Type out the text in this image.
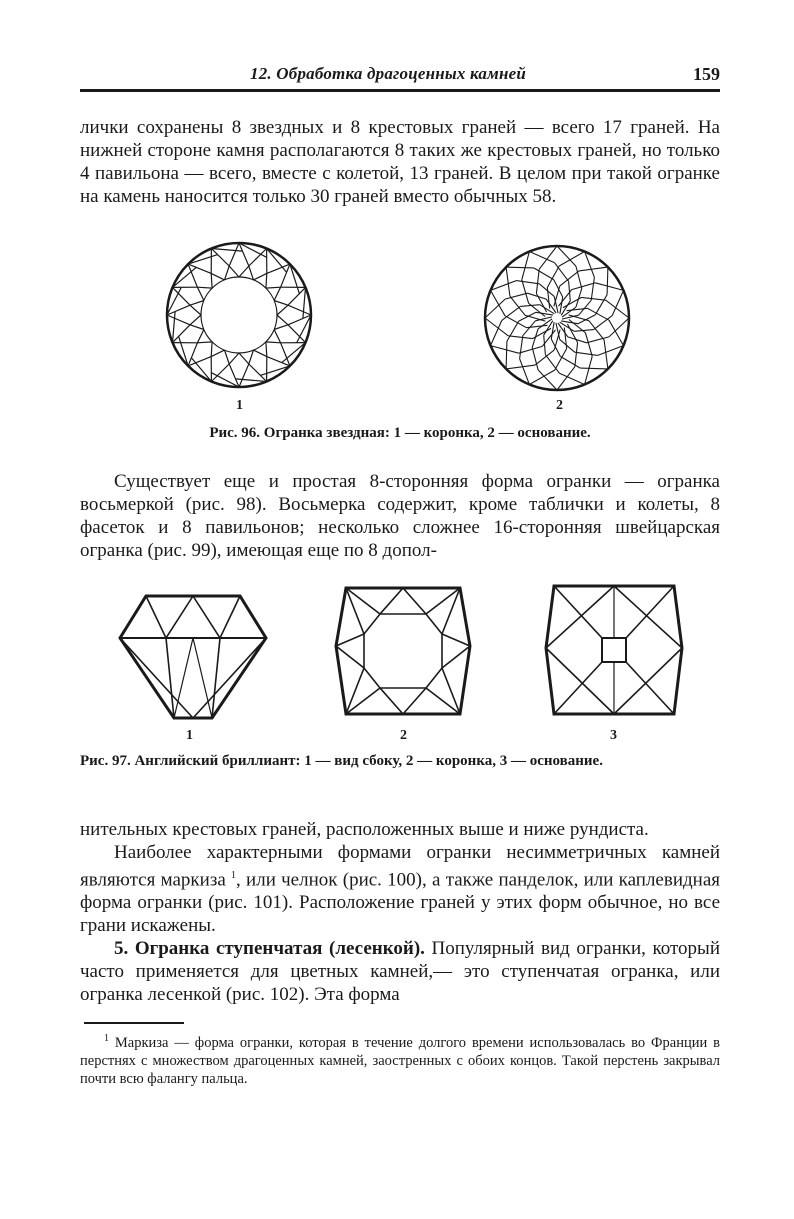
12. Обработка драгоценных камней	159

лички сохранены 8 звездных и 8 крестовых граней — всего 17 граней. На нижней стороне камня располагаются 8 таких же крестовых граней, но только 4 павильона — всего, вместе с колетой, 13 граней. В целом при такой огранке на камень наносится только 30 граней вместо обычных 58.

1	2
Рис. 96. Огранка звездная: 1 — коронка, 2 — основание.

Существует еще и простая 8-сторонняя форма огранки — огранка восьмеркой (рис. 98). Восьмерка содержит, кроме таблички и колеты, 8 фасеток и 8 павильонов; несколько сложнее 16-сторонняя швейцарская огранка (рис. 99), имеющая еще по 8 допол-

1	2	3
Рис. 97. Английский бриллиант: 1 — вид сбоку, 2 — коронка, 3 — основание.

нительных крестовых граней, расположенных выше и ниже рундиста.

Наиболее характерными формами огранки несимметричных камней являются маркиза $^1$, или челнок (рис. 100), а также панделок, или каплевидная форма огранки (рис. 101). Расположение граней у этих форм обычное, но все грани искажены.

5. Огранка ступенчатая (лесенкой). Популярный вид огранки, который часто применяется для цветных камней,— это ступенчатая огранка, или огранка лесенкой (рис. 102). Эта форма

$^1$ Маркиза — форма огранки, которая в течение долгого времени использовалась во Франции в перстнях с множеством драгоценных камней, заостренных с обоих концов. Такой перстень закрывал почти всю фалангу пальца.
